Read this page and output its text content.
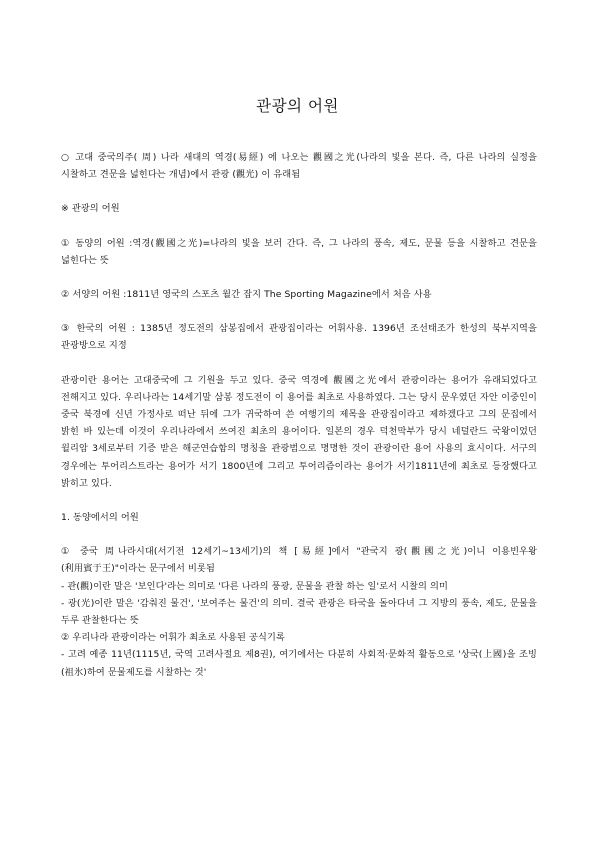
관광의 어원

○ 고대 중국의주( 周) 나라 새대의 역경(易經) 에 나오는 觀國之光(나라의 빛을 본다. 즉, 다른 나라의 실정을 시찰하고 견문을 넓힌다는 개념)에서 관광 (觀光) 이 유래됨

※ 관광의 어원

① 동양의 어원 :역경(觀國之光)=나라의 빛을 보러 간다. 즉, 그 나라의 풍속, 제도, 문물 등을 시찰하고 견문을 넓힌다는 뜻

② 서양의 어원 :1811년 영국의 스포츠 월간 잡지 The Sporting Magazine에서 처음 사용

③ 한국의 어원 : 1385년 정도전의 삼봉집에서 관광집이라는 어휘사용. 1396년 조선태조가 한성의 북부지역을 관광방으로 지정

관광이란 용어는 고대중국에 그 기원을 두고 있다. 중국 역경에 觀國之光에서 관광이라는 용어가 유래되었다고 전해지고 있다. 우리나라는 14세기말 삼봉 정도전이 이 용어를 최초로 사용하였다. 그는 당시 문우였던 자안 이중인이 중국 북경에 신년 가정사로 떠난 뒤에 그가 귀국하여 쓴 여행기의 제목을 관광집이라고 제하겠다고 그의 문집에서 밝힌 바 있는데 이것이 우리나라에서 쓰여진 최초의 용어이다. 일본의 경우 덕천막부가 당시 네덜란드 국왕이었던 윌리암 3세로부터 기증 받은 해군연습함의 명칭을 관광범으로 명명한 것이 관광이란 용어 사용의 효시이다. 서구의 경우에는 투어리스트라는 용어가 서기 1800년에 그리고 투어리즘이라는 용어가 서기1811년에 최초로 등장했다고 밝히고 있다.

1. 동양에서의 어원

① 중국 周나라시대(서기전 12세기~13세기)의 책 [易經]에서 "관국지 광(觀國之光)이니 이용빈우왕(利用賓于王)"이라는 문구에서 비롯됨

- 관(觀)이란 말은 '보인다'라는 의미로 '다른 나라의 풍광, 문물을 관찰 하는 일'로서 시찰의 의미

- 광(光)이란 말은 '감춰진 물건', '보여주는 물건'의 의미. 결국 관광은 타국을 돌아다녀 그 지방의 풍속, 제도, 문물을 두루 관찰한다는 뜻

② 우리나라 관광이라는 어휘가 최초로 사용된 공식기록

- 고려 예종 11년(1115년, 국역 고려사절요 제8권), 여기에서는 다분히 사회적·문화적 활동으로 '상국(上國)을 조빙(祖氷)하여 문물제도를 시찰하는 것'
